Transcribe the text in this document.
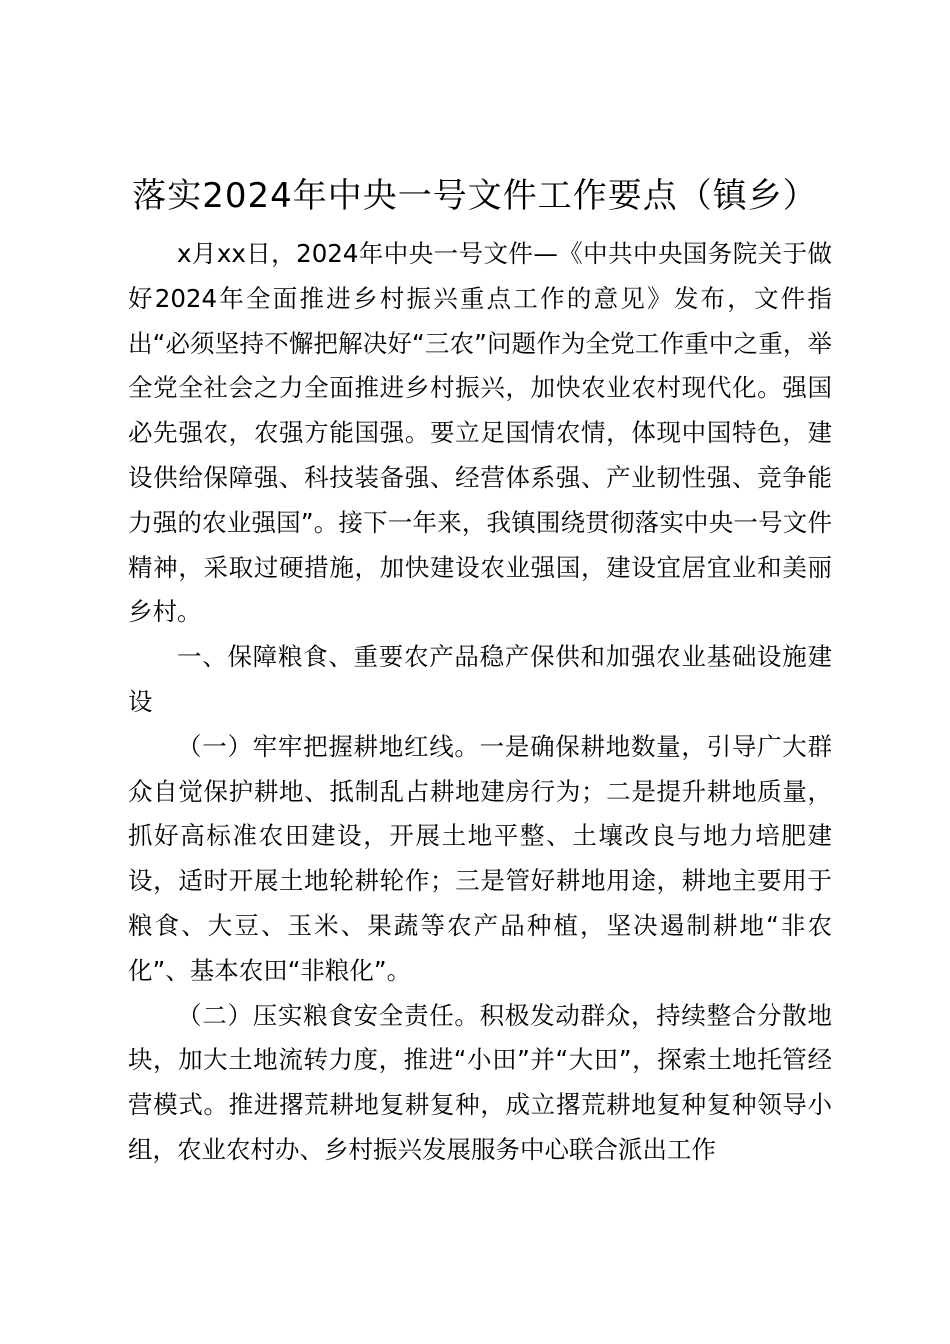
落实2024年中央一号文件工作要点（镇乡）

x月xx日，2024年中央一号文件—《中共中央国务院关于做好2024年全面推进乡村振兴重点工作的意见》发布，文件指出“必须坚持不懈把解决好“三农”问题作为全党工作重中之重，举全党全社会之力全面推进乡村振兴，加快农业农村现代化。强国必先强农，农强方能国强。要立足国情农情，体现中国特色，建设供给保障强、科技装备强、经营体系强、产业韧性强、竞争能力强的农业强国”。接下一年来，我镇围绕贯彻落实中央一号文件精神，采取过硬措施，加快建设农业强国，建设宜居宜业和美丽乡村。

一、保障粮食、重要农产品稳产保供和加强农业基础设施建设

（一）牢牢把握耕地红线。一是确保耕地数量，引导广大群众自觉保护耕地、抵制乱占耕地建房行为；二是提升耕地质量，抓好高标准农田建设，开展土地平整、土壤改良与地力培肥建设，适时开展土地轮耕轮作；三是管好耕地用途，耕地主要用于粮食、大豆、玉米、果蔬等农产品种植，坚决遏制耕地“非农化”、基本农田“非粮化”。

（二）压实粮食安全责任。积极发动群众，持续整合分散地块，加大土地流转力度，推进“小田”并“大田”，探索土地托管经营模式。推进撂荒耕地复耕复种，成立撂荒耕地复种复种领导小组，农业农村办、乡村振兴发展服务中心联合派出工作
